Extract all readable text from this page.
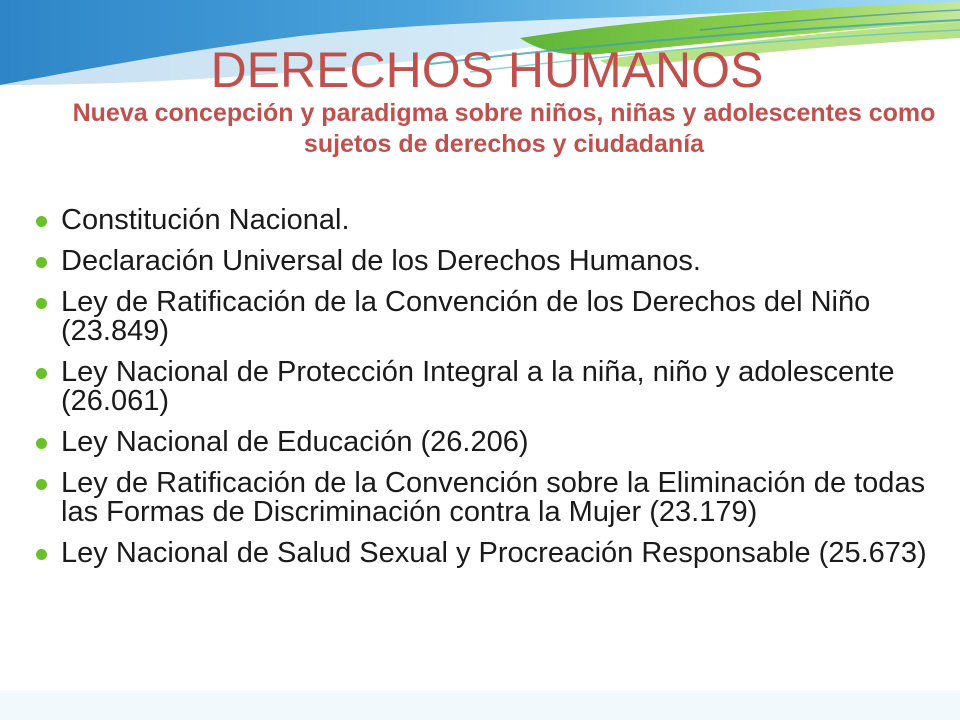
DERECHOS HUMANOS

Nueva concepción y paradigma sobre niños, niñas y adolescentes como sujetos de derechos y ciudadanía

Constitución Nacional.
Declaración Universal de los Derechos Humanos.
Ley de Ratificación de la Convención de los Derechos del Niño (23.849)
Ley Nacional de Protección Integral a la niña, niño y adolescente (26.061)
Ley Nacional de Educación (26.206)
Ley de Ratificación de la Convención sobre la Eliminación de todas las Formas de Discriminación contra la Mujer (23.179)
Ley Nacional de Salud Sexual y Procreación Responsable (25.673)
